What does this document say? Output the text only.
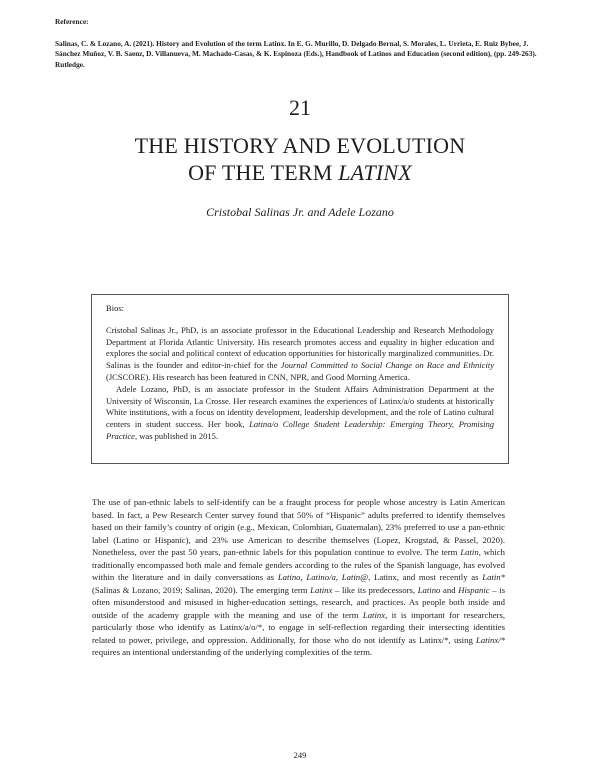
Reference:
Salinas, C. & Lozano, A. (2021). History and Evolution of the term Latinx. In E. G. Murillo, D. Delgado Bernal, S. Morales, L. Urrieta, E. Ruiz Bybee, J. Sánchez Muñoz, V. B. Saenz, D. Villanueva, M. Machado-Casas, & K. Espinoza (Eds.), Handbook of Latinos and Education (second edition), (pp. 249-263). Rutledge.
21
THE HISTORY AND EVOLUTION
OF THE TERM LATINX
Cristobal Salinas Jr. and Adele Lozano
Bios:

Cristobal Salinas Jr., PhD, is an associate professor in the Educational Leadership and Research Methodology Department at Florida Atlantic University. His research promotes access and equality in higher education and explores the social and political context of education opportunities for historically marginalized communities. Dr. Salinas is the founder and editor-in-chief for the Journal Committed to Social Change on Race and Ethnicity (JCSCORE). His research has been featured in CNN, NPR, and Good Morning America.

Adele Lozano, PhD, is an associate professor in the Student Affairs Administration Department at the University of Wisconsin, La Crosse. Her research examines the experiences of Latinx/a/o students at historically White institutions, with a focus on identity development, leadership development, and the role of Latino cultural centers in student success. Her book, Latina/o College Student Leadership: Emerging Theory, Promising Practice, was published in 2015.

The use of pan-ethnic labels to self-identify can be a fraught process for people whose ancestry is Latin American based. In fact, a Pew Research Center survey found that 50% of “Hispanic” adults preferred to identify themselves based on their family’s country of origin (e.g., Mexican, Colombian, Guatemalan), 23% preferred to use a pan-ethnic label (Latino or Hispanic), and 23% use American to describe themselves (Lopez, Krogstad, & Passel, 2020). Nonetheless, over the past 50 years, pan-ethnic labels for this population continue to evolve. The term Latin, which traditionally encompassed both male and female genders according to the rules of the Spanish language, has evolved within the literature and in daily conversations as Latino, Latino/a, Latin@, Latinx, and most recently as Latin* (Salinas & Lozano, 2019; Salinas, 2020). The emerging term Latinx – like its predecessors, Latino and Hispanic – is often misunderstood and misused in higher-education settings, research, and practices. As people both inside and outside of the academy grapple with the meaning and use of the term Latinx, it is important for researchers, particularly those who identify as Latinx/a/o/*, to engage in self-reflection regarding their intersecting identities related to power, privilege, and oppression. Additionally, for those who do not identify as Latinx/*, using Latinx/* requires an intentional understanding of the underlying complexities of the term.

249
